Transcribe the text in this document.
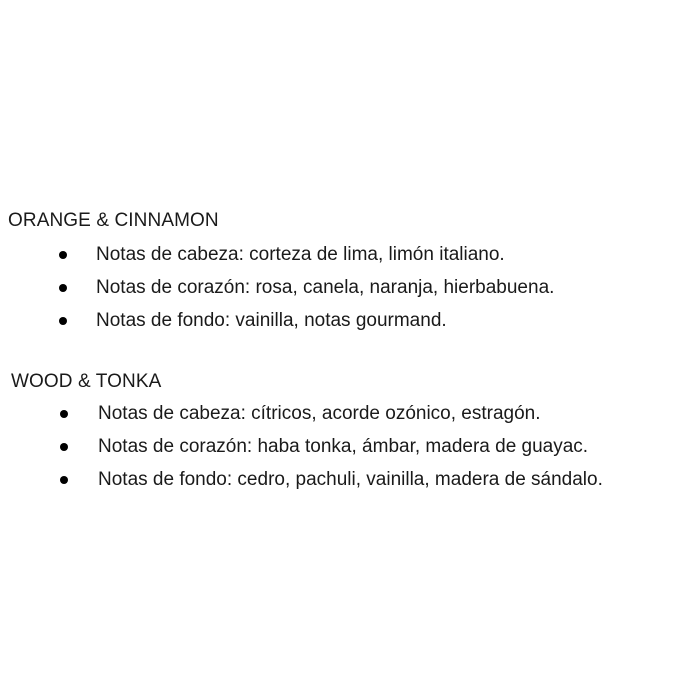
ORANGE & CINNAMON
Notas de cabeza: corteza de lima, limón italiano.
Notas de corazón: rosa, canela, naranja, hierbabuena.
Notas de fondo: vainilla, notas gourmand.
WOOD & TONKA
Notas de cabeza: cítricos, acorde ozónico, estragón.
Notas de corazón: haba tonka, ámbar, madera de guayac.
Notas de fondo: cedro, pachuli, vainilla, madera de sándalo.
